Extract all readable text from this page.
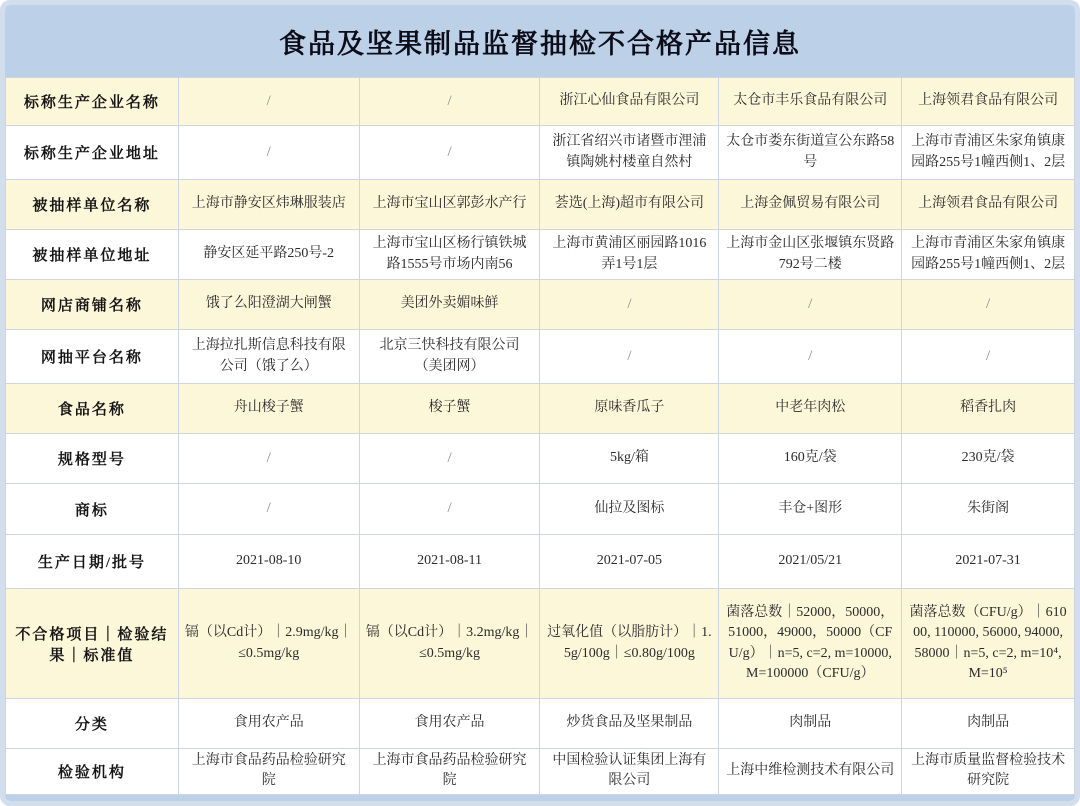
食品及坚果制品监督抽检不合格产品信息
标称生产企业名称	/	/	浙江心仙食品有限公司	太仓市丰乐食品有限公司	上海领君食品有限公司
标称生产企业地址	/	/	浙江省绍兴市诸暨市浬浦镇陶姚村楼童自然村	太仓市娄东街道宣公东路58号	上海市青浦区朱家角镇康园路255号1幢西侧1、2层
被抽样单位名称	上海市静安区炜琳服装店	上海市宝山区郭彭水产行	荟选(上海)超市有限公司	上海金佩贸易有限公司	上海领君食品有限公司
被抽样单位地址	静安区延平路250号-2	上海市宝山区杨行镇铁城路1555号市场内南56	上海市黄浦区丽园路1016弄1号1层	上海市金山区张堰镇东贤路792号二楼	上海市青浦区朱家角镇康园路255号1幢西侧1、2层
网店商铺名称	饿了么阳澄湖大闸蟹	美团外卖媚味鲜	/	/	/
网抽平台名称	上海拉扎斯信息科技有限公司（饿了么）	北京三快科技有限公司（美团网）	/	/	/
食品名称	舟山梭子蟹	梭子蟹	原味香瓜子	中老年肉松	稻香扎肉
规格型号	/	/	5kg/箱	160克/袋	230克/袋
商标	/	/	仙拉及图标	丰仓+图形	朱街阁
生产日期/批号	2021-08-10	2021-08-11	2021-07-05	2021/05/21	2021-07-31
不合格项目｜检验结果｜标准值	镉（以Cd计）｜2.9mg/kg｜≤0.5mg/kg	镉（以Cd计）｜3.2mg/kg｜≤0.5mg/kg	过氧化值（以脂肪计）｜1.5g/100g｜≤0.80g/100g	菌落总数｜52000，50000，51000，49000，50000（CFU/g）｜n=5, c=2, m=10000, M=100000（CFU/g）	菌落总数（CFU/g）｜61000, 110000, 56000, 94000, 58000｜n=5, c=2, m=10⁴, M=10⁵
分类	食用农产品	食用农产品	炒货食品及坚果制品	肉制品	肉制品
检验机构	上海市食品药品检验研究院	上海市食品药品检验研究院	中国检验认证集团上海有限公司	上海中维检测技术有限公司	上海市质量监督检验技术研究院
